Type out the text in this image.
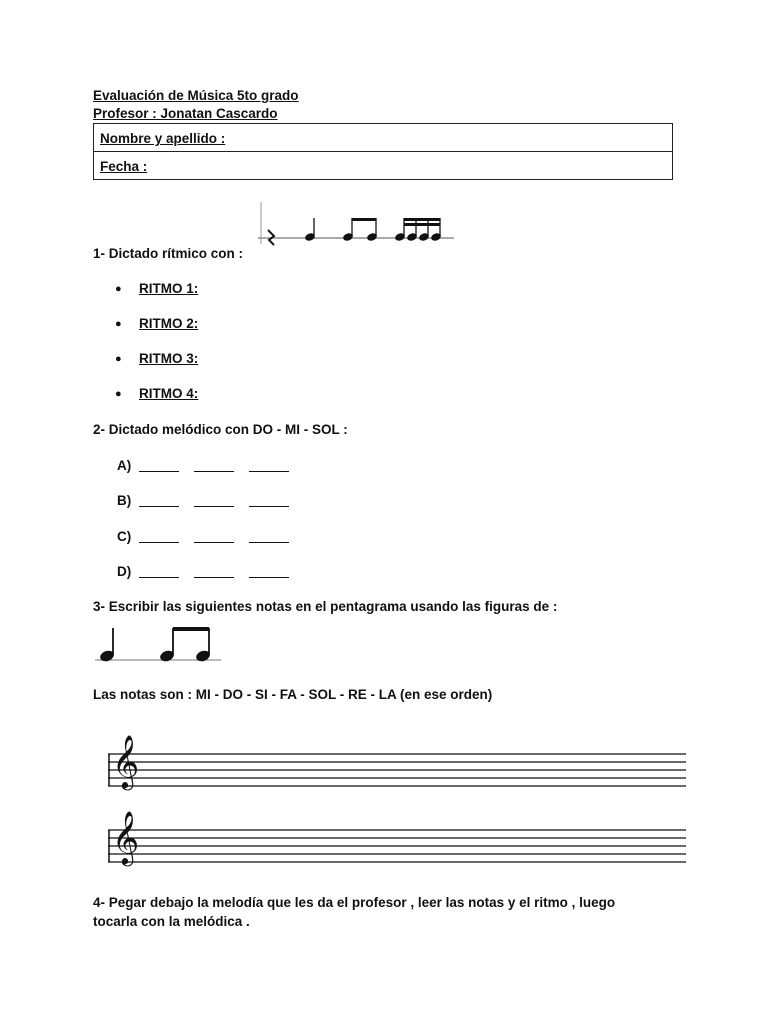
Evaluación de Música 5to grado
Profesor : Jonatan Cascardo
Nombre y apellido :
Fecha :
1- Dictado rítmico con :
● RITMO 1:
● RITMO 2:
● RITMO 3:
● RITMO 4:
2- Dictado melódico con DO - MI - SOL :
A)
B)
C)
D)
3- Escribir las siguientes notas en el pentagrama usando las figuras de :
Las notas son : MI - DO - SI - FA - SOL - RE - LA (en ese orden)
𝄞
𝄞
4- Pegar debajo la melodía que les da el profesor , leer las notas y el ritmo , luego
tocarla con la melódica .
